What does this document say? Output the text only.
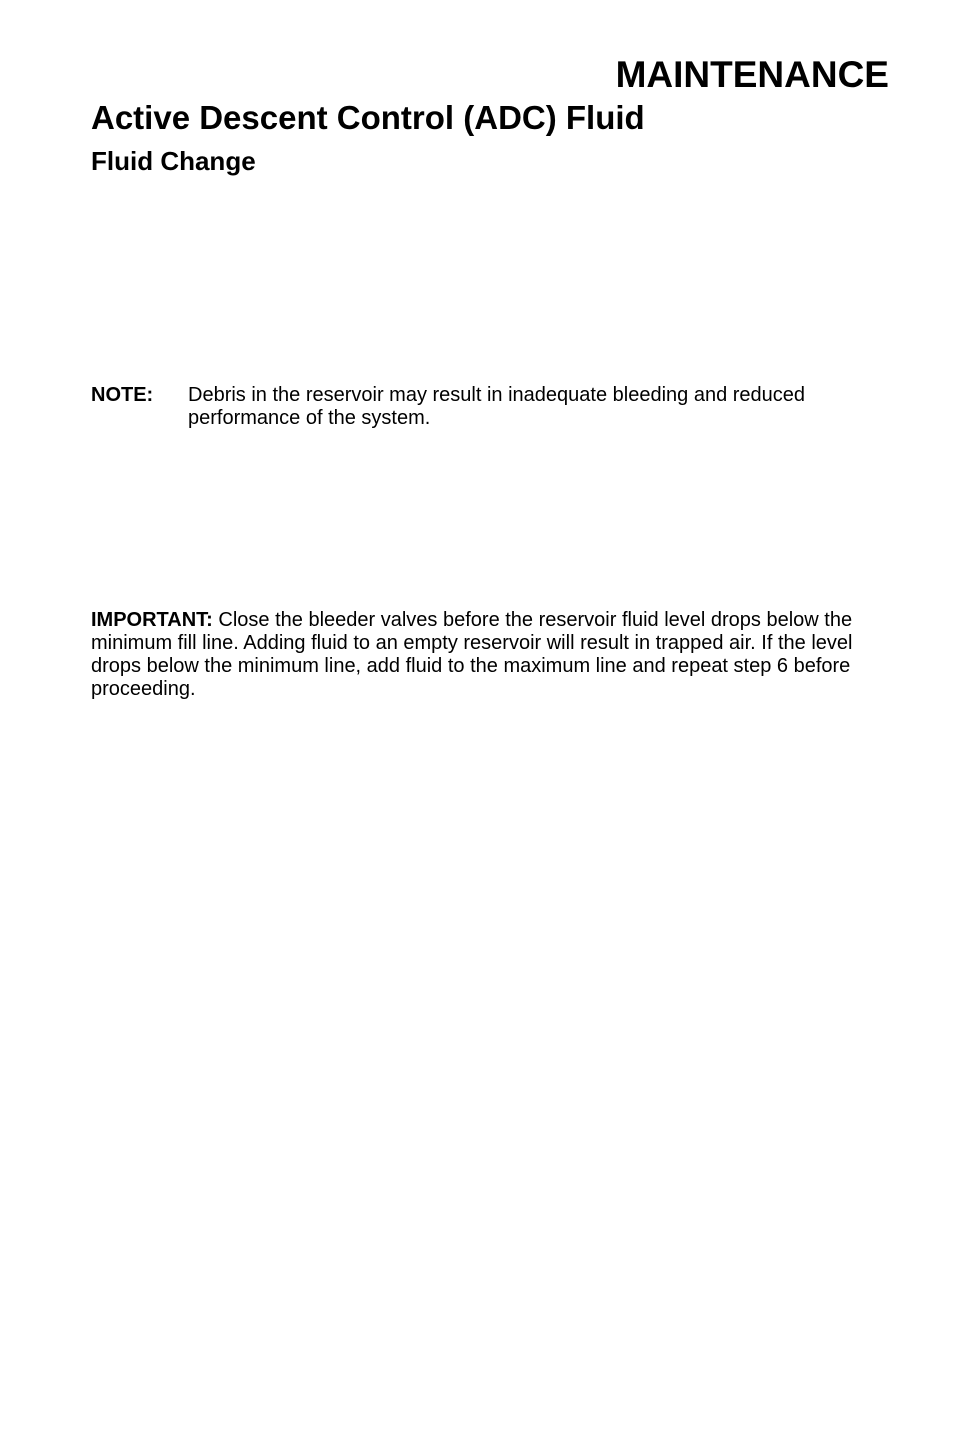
MAINTENANCE
Active Descent Control (ADC) Fluid
Fluid Change
NOTE: Debris in the reservoir may result in inadequate bleeding and reduced performance of the system.

IMPORTANT: Close the bleeder valves before the reservoir fluid level drops below the minimum fill line. Adding fluid to an empty reservoir will result in trapped air. If the level drops below the minimum line, add fluid to the maximum line and repeat step 6 before proceeding.
